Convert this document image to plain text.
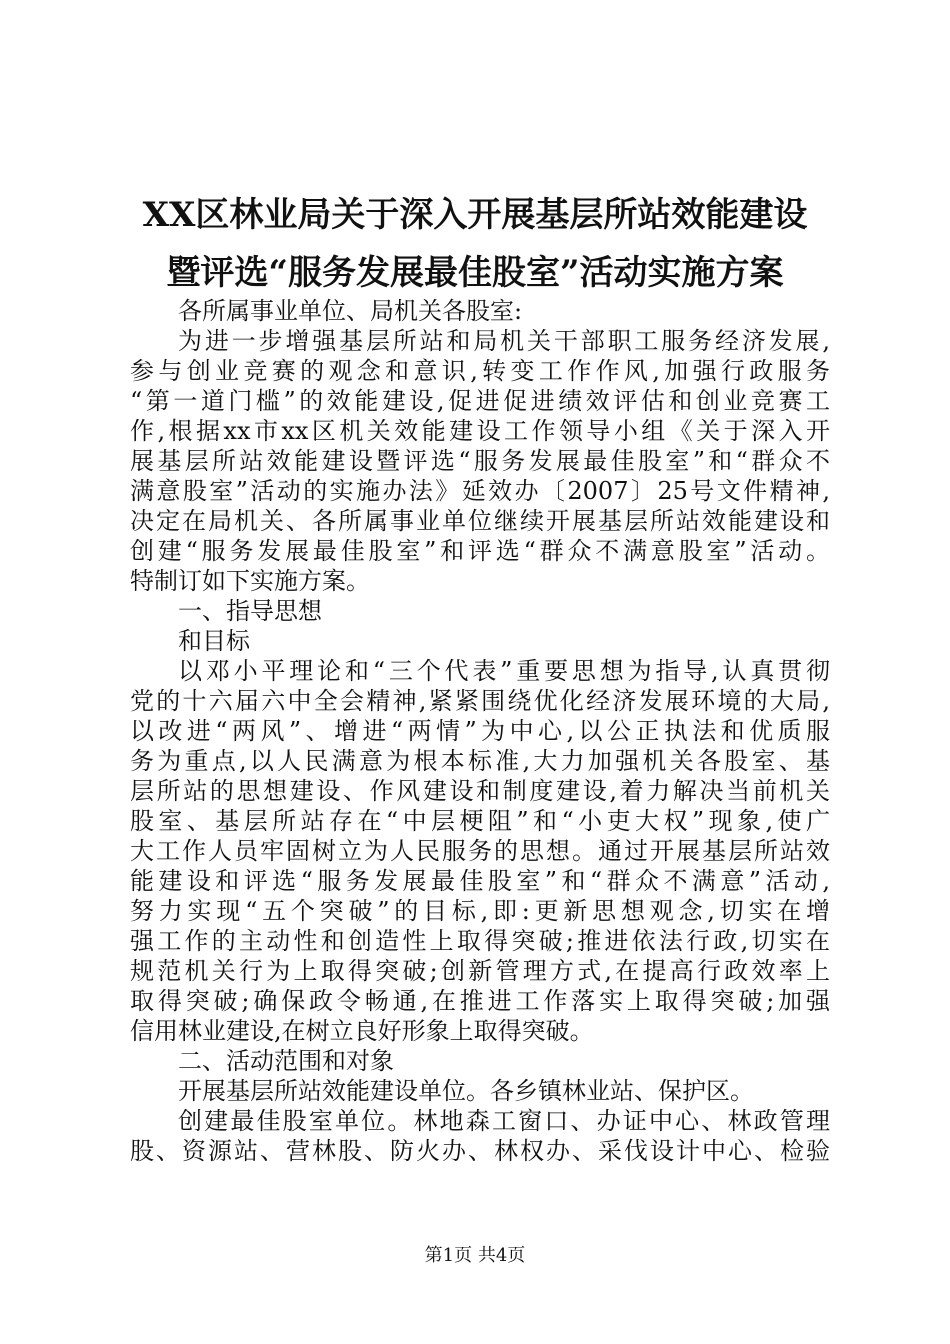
XX区林业局关于深入开展基层所站效能建设
暨评选“服务发展最佳股室”活动实施方案
各所属事业单位、局机关各股室:
为进一步增强基层所站和局机关干部职工服务经济发展,
参与创业竞赛的观念和意识,转变工作作风,加强行政服务
“第一道门槛”的效能建设,促进促进绩效评估和创业竞赛工
作,根据xx市xx区机关效能建设工作领导小组《关于深入开
展基层所站效能建设暨评选“服务发展最佳股室”和“群众不
满意股室”活动的实施办法》延效办〔2007〕25号文件精神,
决定在局机关、各所属事业单位继续开展基层所站效能建设和
创建“服务发展最佳股室”和评选“群众不满意股室”活动。
特制订如下实施方案。
一、指导思想
和目标
以邓小平理论和“三个代表”重要思想为指导,认真贯彻
党的十六届六中全会精神,紧紧围绕优化经济发展环境的大局,
以改进“两风”、增进“两情”为中心,以公正执法和优质服
务为重点,以人民满意为根本标准,大力加强机关各股室、基
层所站的思想建设、作风建设和制度建设,着力解决当前机关
股室、基层所站存在“中层梗阻”和“小吏大权”现象,使广
大工作人员牢固树立为人民服务的思想。通过开展基层所站效
能建设和评选“服务发展最佳股室”和“群众不满意”活动,
努力实现“五个突破”的目标,即:更新思想观念,切实在增
强工作的主动性和创造性上取得突破;推进依法行政,切实在
规范机关行为上取得突破;创新管理方式,在提高行政效率上
取得突破;确保政令畅通,在推进工作落实上取得突破;加强
信用林业建设,在树立良好形象上取得突破。
二、活动范围和对象
开展基层所站效能建设单位。各乡镇林业站、保护区。
创建最佳股室单位。林地森工窗口、办证中心、林政管理
股、资源站、营林股、防火办、林权办、采伐设计中心、检验
第1页 共4页
